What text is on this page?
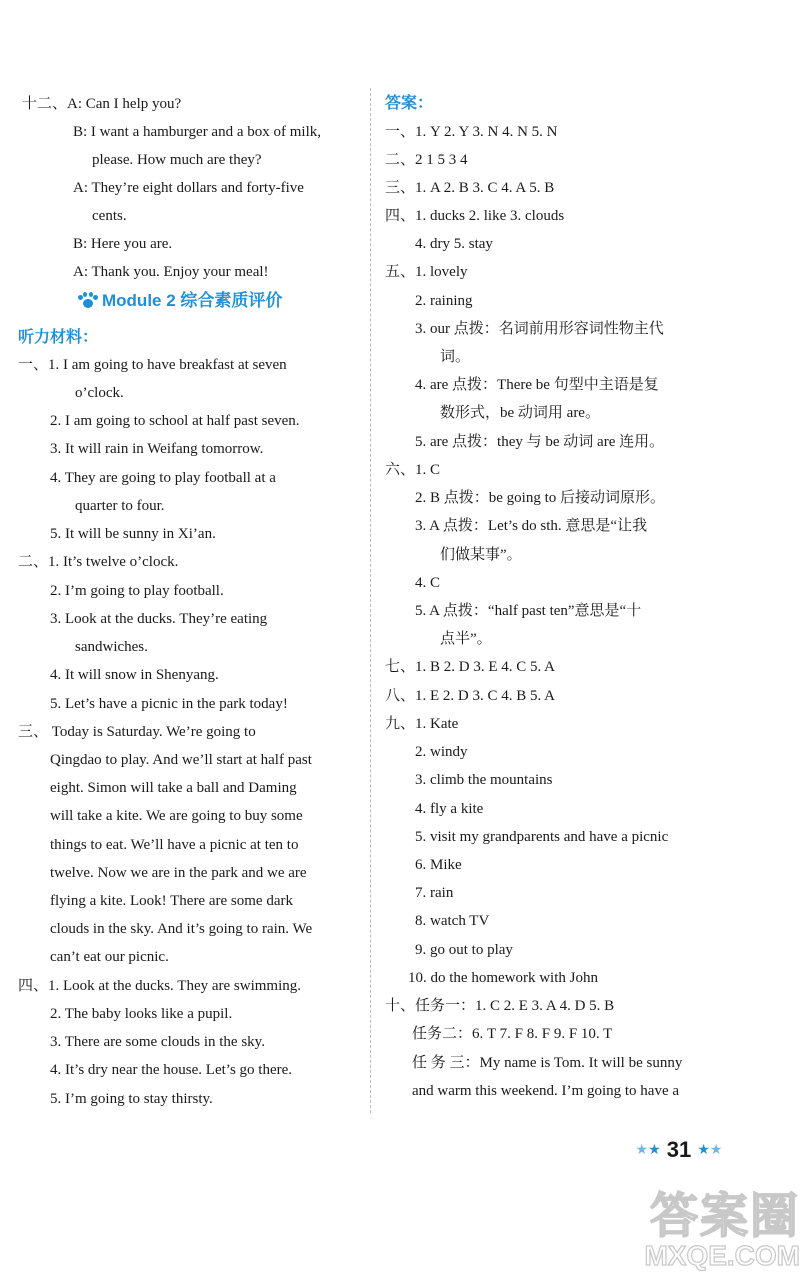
十二、A: Can I help you?
B: I want a hamburger and a box of milk,
please. How much are they?
A: They’re eight dollars and forty-five
cents.
B: Here you are.
A: Thank you. Enjoy your meal!
一、1. I am going to have breakfast at seven
o’clock.
2. I am going to school at half past seven.
3. It will rain in Weifang tomorrow.
4. They are going to play football at a
quarter to four.
5. It will be sunny in Xi’an.
二、1. It’s twelve o’clock.
2. I’m going to play football.
3. Look at the ducks. They’re eating
sandwiches.
4. It will snow in Shenyang.
5. Let’s have a picnic in the park today!
三、 Today is Saturday. We’re going to
Qingdao to play. And we’ll start at half past
eight. Simon will take a ball and Daming
will take a kite. We are going to buy some
things to eat. We’ll have a picnic at ten to
twelve. Now we are in the park and we are
flying a kite. Look! There are some dark
clouds in the sky. And it’s going to rain. We
can’t eat our picnic.
四、1. Look at the ducks. They are swimming.
2. The baby looks like a pupil.
3. There are some clouds in the sky.
4. It’s dry near the house. Let’s go there.
5. I’m going to stay thirsty.
一、1. Y 2. Y 3. N 4. N 5. N
二、2 1 5 3 4
三、1. A 2. B 3. C 4. A 5. B
四、1. ducks 2. like 3. clouds
4. dry 5. stay
五、1. lovely
2. raining
3. our 点拨：名词前用形容词性物主代
词。
4. are 点拨：There be 句型中主语是复
数形式，be 动词用 are。
5. are 点拨：they 与 be 动词 are 连用。
六、1. C
2. B 点拨：be going to 后接动词原形。
3. A 点拨：Let’s do sth. 意思是“让我
们做某事”。
4. C
5. A 点拨：“half past ten”意思是“十
点半”。
七、1. B 2. D 3. E 4. C 5. A
八、1. E 2. D 3. C 4. B 5. A
九、1. Kate
2. windy
3. climb the mountains
4. fly a kite
5. visit my grandparents and have a picnic
6. Mike
7. rain
8. watch TV
9. go out to play
10. do the homework with John
十、任务一：1. C 2. E 3. A 4. D 5. B
任务二：6. T 7. F 8. F 9. F 10. T
任 务 三：My name is Tom. It will be sunny
and warm this weekend. I’m going to have a
Module 2 综合素质评价
听力材料：
答案：
★★ 31 ★★
答案圈
MXQE.COM
